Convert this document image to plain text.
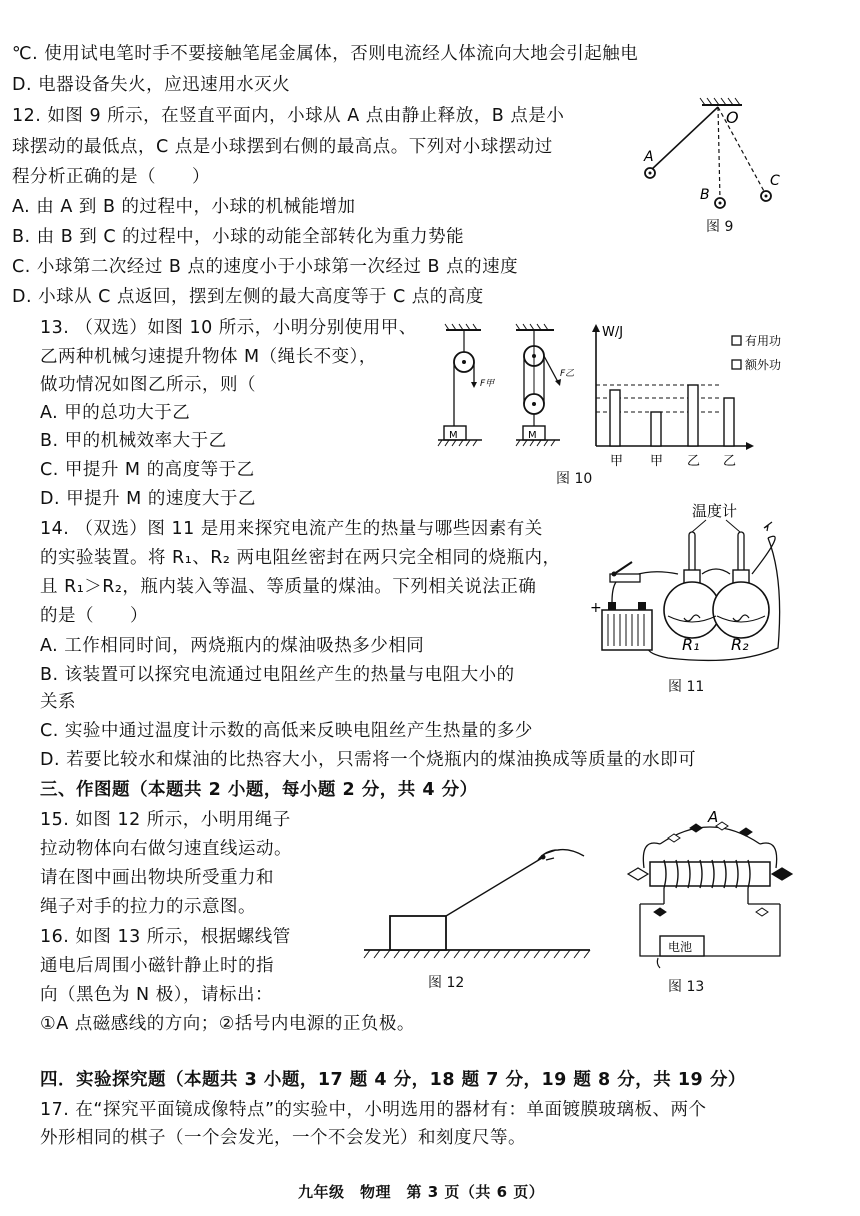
℃. 使用试电笔时手不要接触笔尾金属体，否则电流经人体流向大地会引起触电
D. 电器设备失火，应迅速用水灭火
12. 如图 9 所示，在竖直平面内，小球从 A 点由静止释放，B 点是小
球摆动的最低点，C 点是小球摆到右侧的最高点。下列对小球摆动过
程分析正确的是（　　）
A. 由 A 到 B 的过程中，小球的机械能增加
B. 由 B 到 C 的过程中，小球的动能全部转化为重力势能
C. 小球第二次经过 B 点的速度小于小球第一次经过 B 点的速度
D. 小球从 C 点返回，摆到左侧的最大高度等于 C 点的高度
13. （双选）如图 10 所示，小明分别使用甲、
乙两种机械匀速提升物体 M（绳长不变），
做功情况如图乙所示，则（
A. 甲的总功大于乙
B. 甲的机械效率大于乙
C. 甲提升 M 的高度等于乙
D. 甲提升 M 的速度大于乙
14. （双选）图 11 是用来探究电流产生的热量与哪些因素有关
的实验装置。将 R₁、R₂ 两电阻丝密封在两只完全相同的烧瓶内，
且 R₁＞R₂，瓶内装入等温、等质量的煤油。下列相关说法正确
的是（　　）
A. 工作相同时间，两烧瓶内的煤油吸热多少相同
B. 该装置可以探究电流通过电阻丝产生的热量与电阻大小的
关系
C. 实验中通过温度计示数的高低来反映电阻丝产生热量的多少
D. 若要比较水和煤油的比热容大小，只需将一个烧瓶内的煤油换成等质量的水即可
三、作图题（本题共 2 小题，每小题 2 分，共 4 分）
15. 如图 12 所示，小明用绳子
拉动物体向右做匀速直线运动。
请在图中画出物块所受重力和
绳子对手的拉力的示意图。
16. 如图 13 所示，根据螺线管
通电后周围小磁针静止时的指
向（黑色为 N 极），请标出：
①A 点磁感线的方向；②括号内电源的正负极。
四．实验探究题（本题共 3 小题，17 题 4 分，18 题 7 分，19 题 8 分，共 19 分）
17. 在“探究平面镜成像特点”的实验中，小明选用的器材有：单面镀膜玻璃板、两个
外形相同的棋子（一个会发光，一个不会发光）和刻度尺等。
九年级　物理　第 3 页（共 6 页）
O
A
B
C
图 9
F甲
M
F乙
M
W/J
有用功
额外功
甲 甲 乙 乙
图 10
温度计
+
R₁ R₂
图 11
图 12
A
电池
图 13
